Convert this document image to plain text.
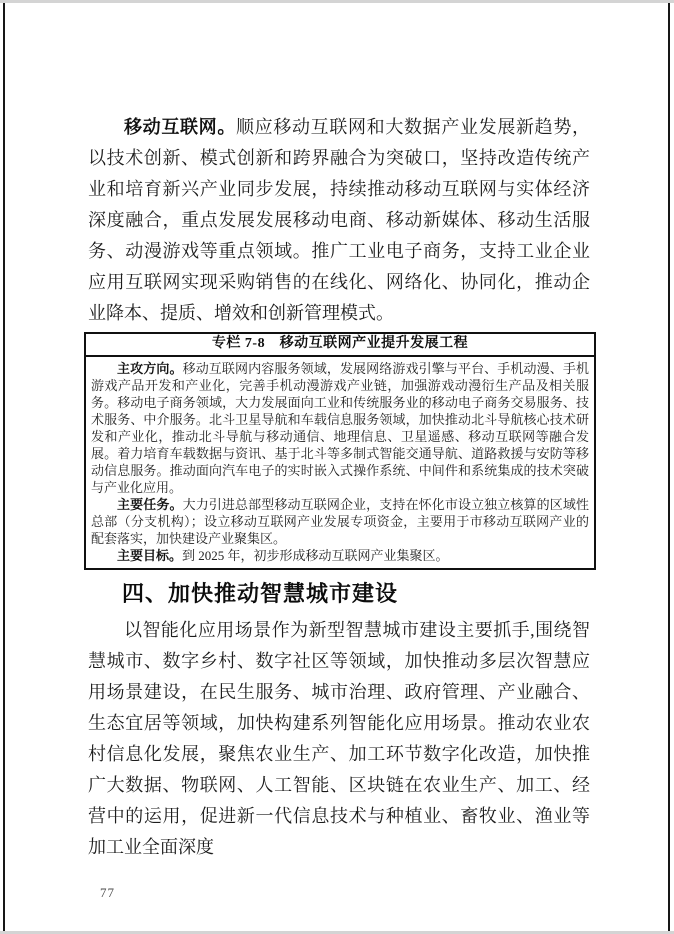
移动互联网。顺应移动互联网和大数据产业发展新趋势，以技术创新、模式创新和跨界融合为突破口，坚持改造传统产业和培育新兴产业同步发展，持续推动移动互联网与实体经济深度融合，重点发展发展移动电商、移动新媒体、移动生活服务、动漫游戏等重点领域。推广工业电子商务，支持工业企业应用互联网实现采购销售的在线化、网络化、协同化，推动企业降本、提质、增效和创新管理模式。

专栏 7-8　移动互联网产业提升发展工程

主攻方向。移动互联网内容服务领域，发展网络游戏引擎与平台、手机动漫、手机游戏产品开发和产业化，完善手机动漫游戏产业链，加强游戏动漫衍生产品及相关服务。移动电子商务领域，大力发展面向工业和传统服务业的移动电子商务交易服务、技术服务、中介服务。北斗卫星导航和车载信息服务领域，加快推动北斗导航核心技术研发和产业化，推动北斗导航与移动通信、地理信息、卫星遥感、移动互联网等融合发展。着力培育车载数据与资讯、基于北斗等多制式智能交通导航、道路救援与安防等移动信息服务。推动面向汽车电子的实时嵌入式操作系统、中间件和系统集成的技术突破与产业化应用。

主要任务。大力引进总部型移动互联网企业，支持在怀化市设立独立核算的区域性总部（分支机构）；设立移动互联网产业发展专项资金，主要用于市移动互联网产业的配套落实，加快建设产业聚集区。

主要目标。到 2025 年，初步形成移动互联网产业集聚区。

四、加快推动智慧城市建设

以智能化应用场景作为新型智慧城市建设主要抓手,围绕智慧城市、数字乡村、数字社区等领域，加快推动多层次智慧应用场景建设，在民生服务、城市治理、政府管理、产业融合、生态宜居等领域，加快构建系列智能化应用场景。推动农业农村信息化发展，聚焦农业生产、加工环节数字化改造，加快推广大数据、物联网、人工智能、区块链在农业生产、加工、经营中的运用，促进新一代信息技术与种植业、畜牧业、渔业等加工业全面深度

77
